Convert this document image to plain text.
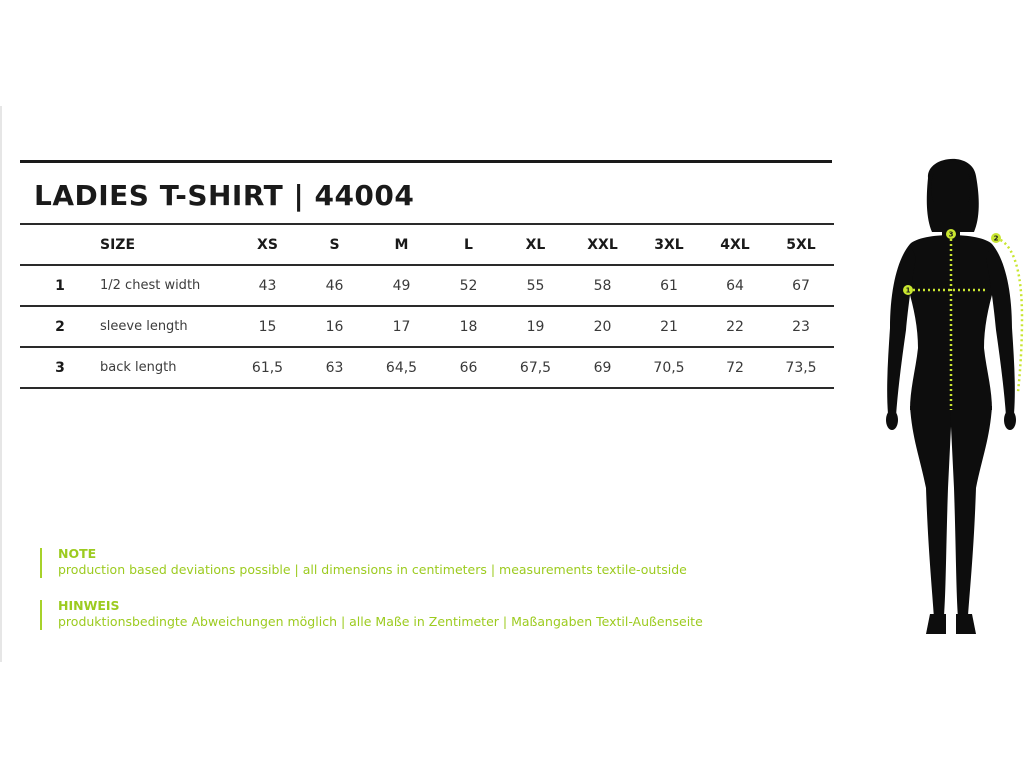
LADIES T-SHIRT | 44004
	SIZE	XS	S	M	L	XL	XXL	3XL	4XL	5XL
1	1/2 chest width	43	46	49	52	55	58	61	64	67
2	sleeve length	15	16	17	18	19	20	21	22	23
3	back length	61,5	63	64,5	66	67,5	69	70,5	72	73,5
NOTE
production based deviations possible | all dimensions in centimeters | measurements textile-outside
HINWEIS
produktionsbedingte Abweichungen möglich | alle Maße in Zentimeter | Maßangaben Textil-Außenseite
1
2
3
